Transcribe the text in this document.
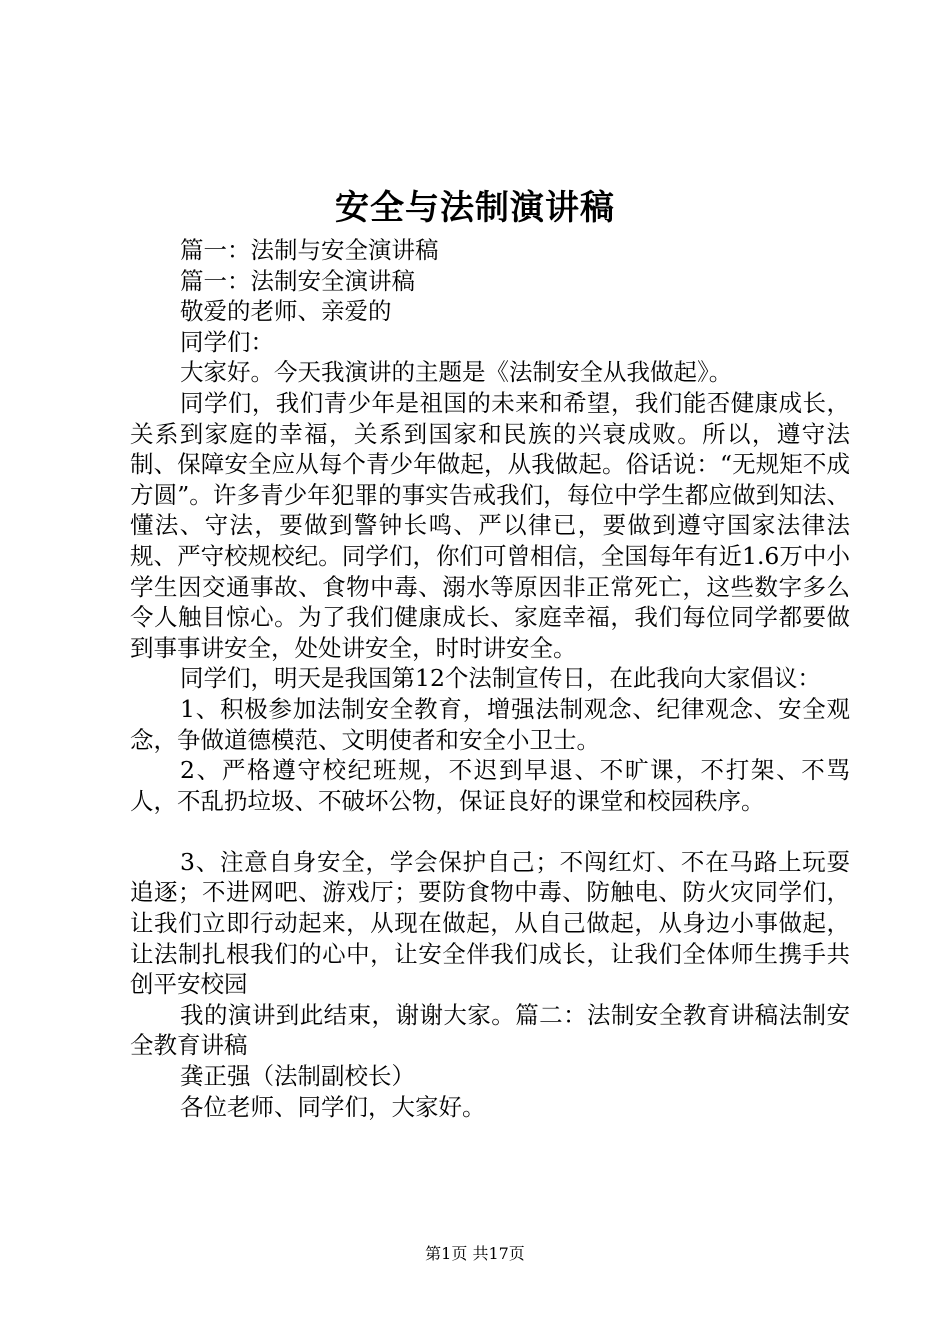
安全与法制演讲稿

篇一：法制与安全演讲稿

篇一：法制安全演讲稿

敬爱的老师、亲爱的

同学们：

大家好。今天我演讲的主题是《法制安全从我做起》。

同学们，我们青少年是祖国的未来和希望，我们能否健康成长，关系到家庭的幸福，关系到国家和民族的兴衰成败。所以，遵守法制、保障安全应从每个青少年做起，从我做起。俗话说：“无规矩不成方圆”。许多青少年犯罪的事实告戒我们，每位中学生都应做到知法、懂法、守法，要做到警钟长鸣、严以律已，要做到遵守国家法律法规、严守校规校纪。同学们，你们可曾相信，全国每年有近1.6万中小学生因交通事故、食物中毒、溺水等原因非正常死亡，这些数字多么令人触目惊心。为了我们健康成长、家庭幸福，我们每位同学都要做到事事讲安全，处处讲安全，时时讲安全。

同学们，明天是我国第12个法制宣传日，在此我向大家倡议：

1、积极参加法制安全教育，增强法制观念、纪律观念、安全观念，争做道德模范、文明使者和安全小卫士。

2、严格遵守校纪班规，不迟到早退、不旷课，不打架、不骂人，不乱扔垃圾、不破坏公物，保证良好的课堂和校园秩序。

3、注意自身安全，学会保护自己；不闯红灯、不在马路上玩耍追逐；不进网吧、游戏厅；要防食物中毒、防触电、防火灾同学们，让我们立即行动起来，从现在做起，从自己做起，从身边小事做起，让法制扎根我们的心中，让安全伴我们成长，让我们全体师生携手共创平安校园

我的演讲到此结束，谢谢大家。篇二：法制安全教育讲稿法制安全教育讲稿

龚正强（法制副校长）

各位老师、同学们，大家好。

第1页 共17页
